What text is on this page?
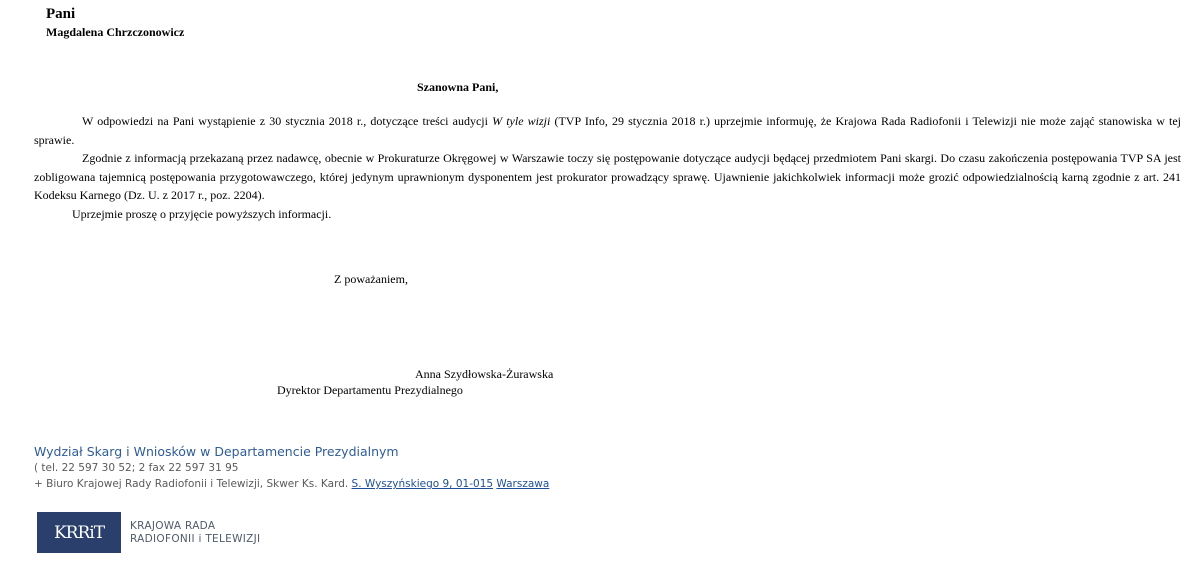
Pani
Magdalena Chrzczonowicz
Szanowna Pani,

W odpowiedzi na Pani wystąpienie z 30 stycznia 2018 r., dotyczące treści audycji W tyle wizji (TVP Info, 29 stycznia 2018 r.) uprzejmie informuję, że Krajowa Rada Radiofonii i Telewizji nie może zająć stanowiska w tej sprawie.

Zgodnie z informacją przekazaną przez nadawcę, obecnie w Prokuraturze Okręgowej w Warszawie toczy się postępowanie dotyczące audycji będącej przedmiotem Pani skargi. Do czasu zakończenia postępowania TVP SA jest zobligowana tajemnicą postępowania przygotowawczego, której jedynym uprawnionym dysponentem jest prokurator prowadzący sprawę. Ujawnienie jakichkolwiek informacji może grozić odpowiedzialnością karną zgodnie z art. 241 Kodeksu Karnego (Dz. U. z 2017 r., poz. 2204).

Uprzejmie proszę o przyjęcie powyższych informacji.

Z poważaniem,
Anna Szydłowska-Żurawska
Dyrektor Departamentu Prezydialnego
Wydział Skarg i Wniosków w Departamencie Prezydialnym
( tel. 22 597 30 52; 2 fax 22 597 31 95
+ Biuro Krajowej Rady Radiofonii i Telewizji, Skwer Ks. Kard. S. Wyszyńskiego 9, 01-015 Warszawa
KRRiT KRAJOWA RADA
RADIOFONII i TELEWIZJI
